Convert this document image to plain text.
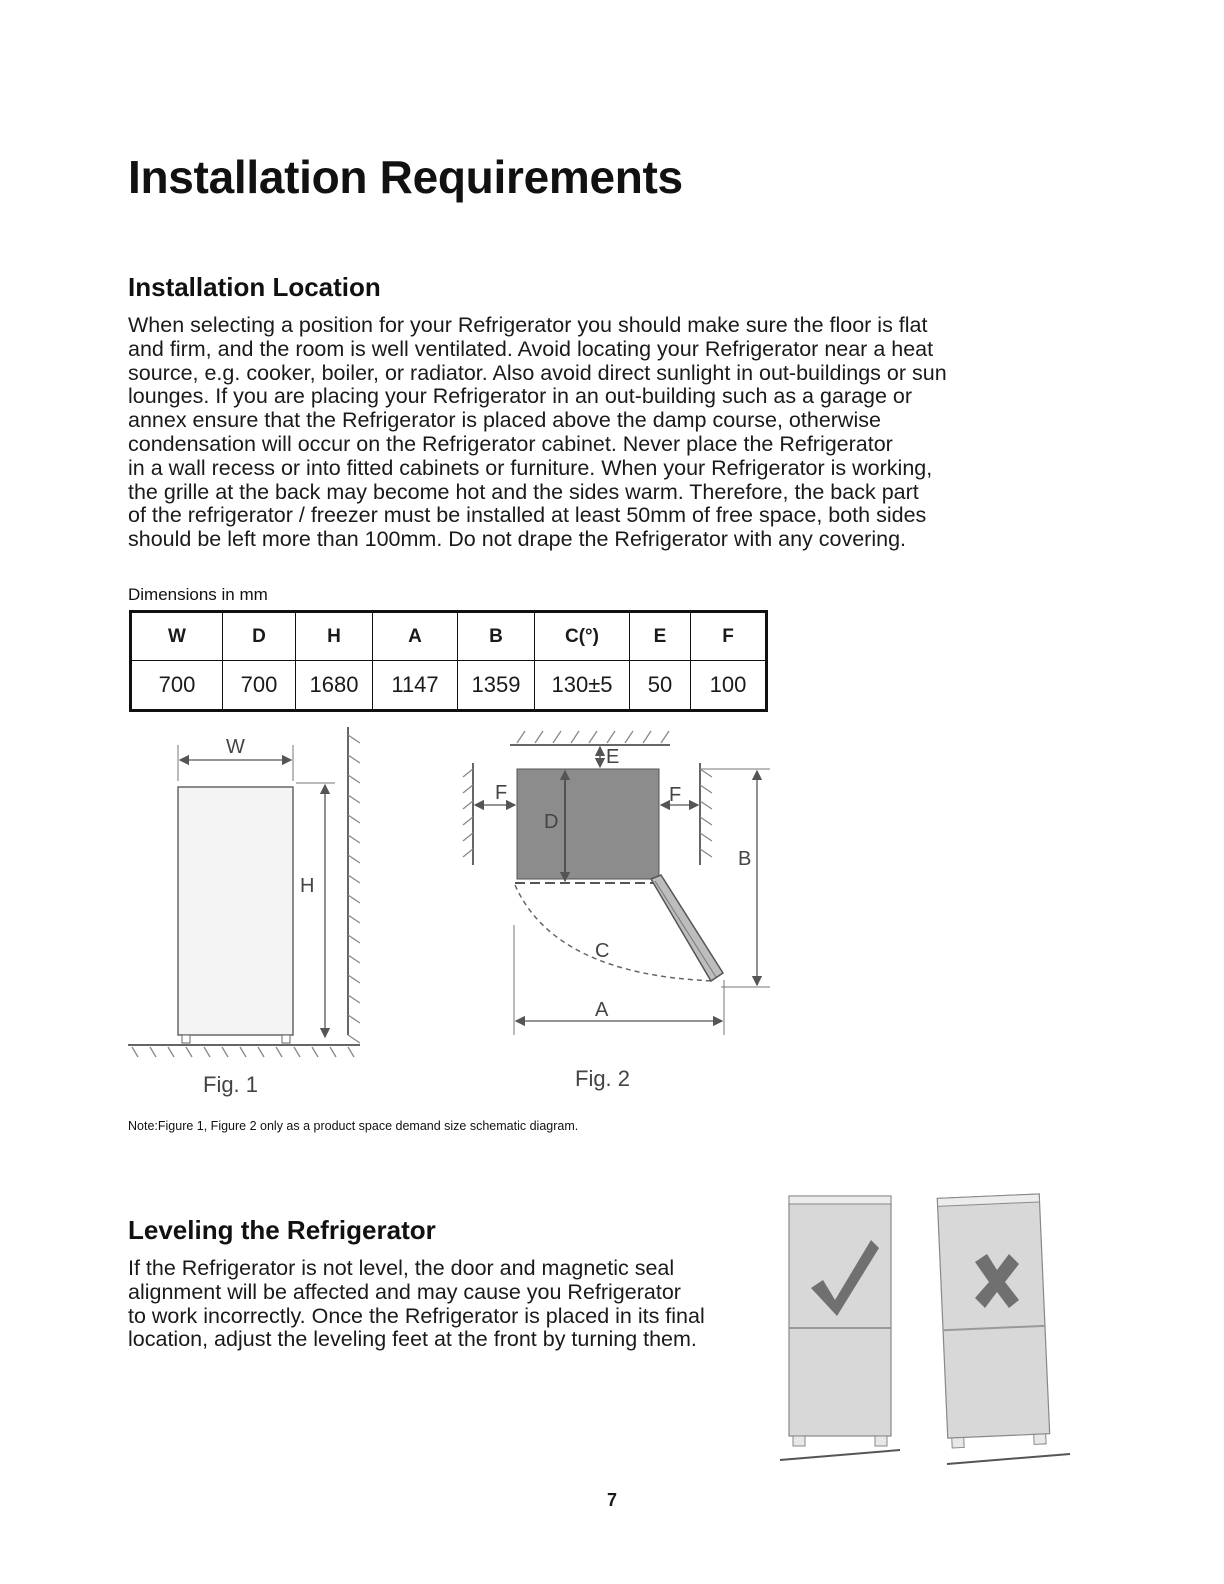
Installation Requirements
Installation Location

When selecting a position for your Refrigerator you should make sure the floor is flat
and firm, and the room is well ventilated. Avoid locating your Refrigerator near a heat
source, e.g. cooker, boiler, or radiator. Also avoid direct sunlight in out-buildings or sun
lounges. If you are placing your Refrigerator in an out-building such as a garage or
annex ensure that the Refrigerator is placed above the damp course, otherwise
condensation will occur on the Refrigerator cabinet. Never place the Refrigerator
in a wall recess or into fitted cabinets or furniture. When your Refrigerator is working,
the grille at the back may become hot and the sides warm. Therefore, the back part
of the refrigerator / freezer must be installed at least 50mm of free space, both sides
should be left more than 100mm. Do not drape the Refrigerator with any covering.

Dimensions in mm
W	D	H	A	B	C(°)	E	F
700	700	1680	1147	1359	130±5	50	100
W
H
Fig. 1
E
F	F
D
B
C
A
Fig. 2
Note:Figure 1, Figure 2 only as a product space demand size schematic diagram.
Leveling the Refrigerator

If the Refrigerator is not level, the door and magnetic seal
alignment will be affected and may cause you Refrigerator
to work incorrectly. Once the Refrigerator is placed in its final
location, adjust the leveling feet at the front by turning them.

7
